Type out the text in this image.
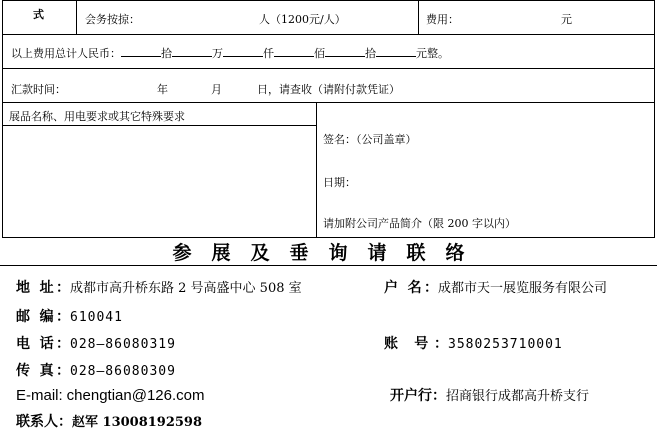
式	会务按掠：	人（1200元/人）	费用：	元
以上费用总计人民币：	拾	万	仟	佰	拾	元整。
汇款时间：	年	月	日，请查收（请附付款凭证）
展品名称、用电要求或其它特殊要求
签名：（公司盖章）
日期：
请加附公司产品简介（限 200 字以内）
参展及垂询请联络
地 址：成都市高升桥东路 2 号高盛中心 508 室	户 名：成都市天一展览服务有限公司
邮 编：610041
电 话：028—86080319	账 号：3580253710001
传 真：028—86080309
E-mail: chengtian@126.com	开户行：招商银行成都高升桥支行
联系人：赵军 13008192598
